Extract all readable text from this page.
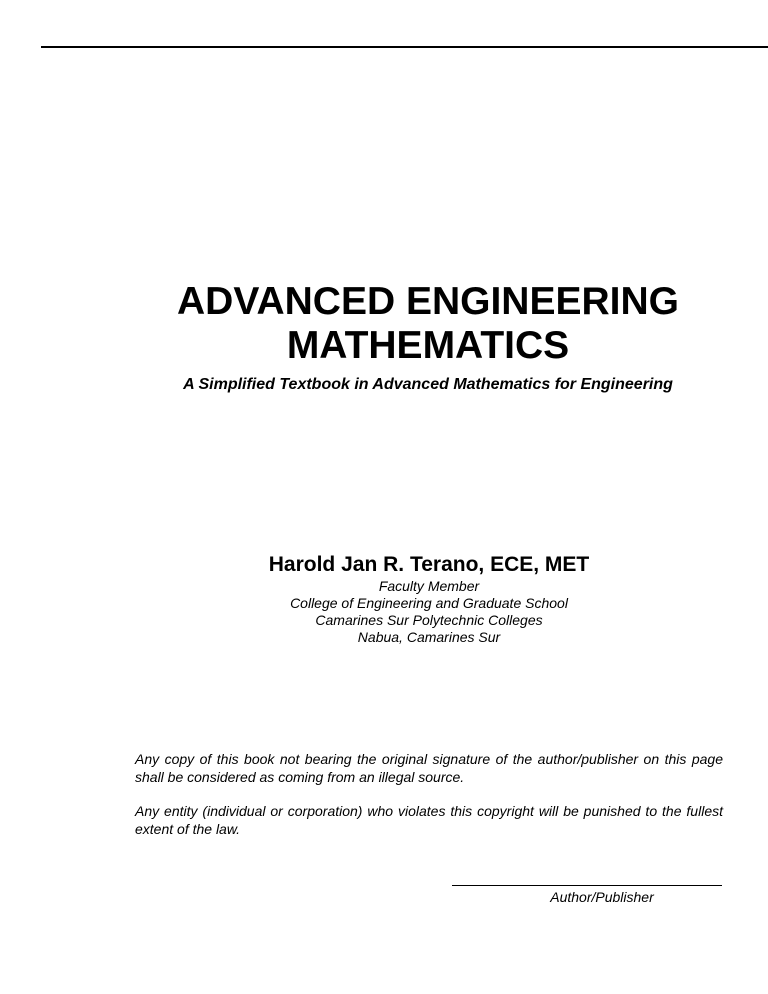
ADVANCED ENGINEERING
MATHEMATICS
A Simplified Textbook in Advanced Mathematics for Engineering
Harold Jan R. Terano, ECE, MET
Faculty Member
College of Engineering and Graduate School
Camarines Sur Polytechnic Colleges
Nabua, Camarines Sur

Any copy of this book not bearing the original signature of the author/publisher on this page shall be considered as coming from an illegal source.

Any entity (individual or corporation) who violates this copyright will be punished to the fullest extent of the law.

Author/Publisher
